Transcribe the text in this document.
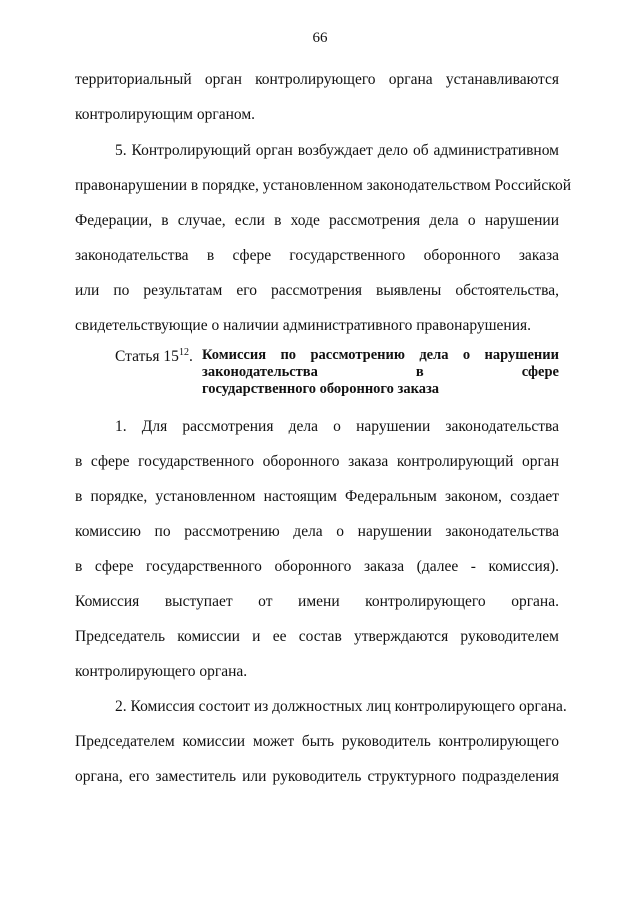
66
территориальный орган контролирующего органа устанавливаются
контролирующим органом.
5. Контролирующий орган возбуждает дело об административном
правонарушении в порядке, установленном законодательством Российской
Федерации, в случае, если в ходе рассмотрения дела о нарушении
законодательства в сфере государственного оборонного заказа
или по результатам его рассмотрения выявлены обстоятельства,
свидетельствующие о наличии административного правонарушения.
Статья $15^{12}$. Комиссия по рассмотрению дела о нарушении
законодательства в сфере
государственного оборонного заказа
1. Для рассмотрения дела о нарушении законодательства
в сфере государственного оборонного заказа контролирующий орган
в порядке, установленном настоящим Федеральным законом, создает
комиссию по рассмотрению дела о нарушении законодательства
в сфере государственного оборонного заказа (далее - комиссия).
Комиссия выступает от имени контролирующего органа.
Председатель комиссии и ее состав утверждаются руководителем
контролирующего органа.
2. Комиссия состоит из должностных лиц контролирующего органа.
Председателем комиссии может быть руководитель контролирующего
органа, его заместитель или руководитель структурного подразделения
